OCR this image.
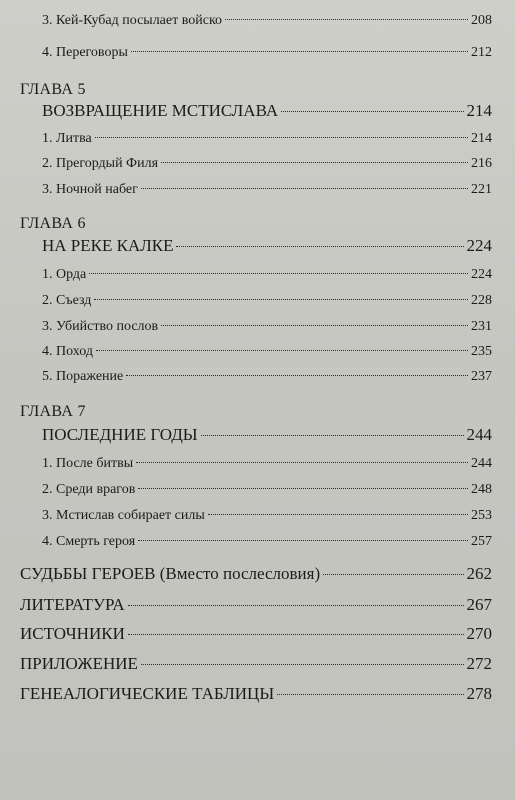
3. Кей-Кубад посылает войско	208
4. Переговоры	212
ГЛАВА 5
ВОЗВРАЩЕНИЕ МСТИСЛАВА	214
1. Литва	214
2. Прегордый Филя	216
3. Ночной набег	221
ГЛАВА 6
НА РЕКЕ КАЛКЕ	224
1. Орда	224
2. Съезд	228
3. Убийство послов	231
4. Поход	235
5. Поражение	237
ГЛАВА 7
ПОСЛЕДНИЕ ГОДЫ	244
1. После битвы	244
2. Среди врагов	248
3. Мстислав собирает силы	253
4. Смерть героя	257
СУДЬБЫ ГЕРОЕВ (Вместо послесловия)	262
ЛИТЕРАТУРА	267
ИСТОЧНИКИ	270
ПРИЛОЖЕНИЕ	272
ГЕНЕАЛОГИЧЕСКИЕ ТАБЛИЦЫ	278
